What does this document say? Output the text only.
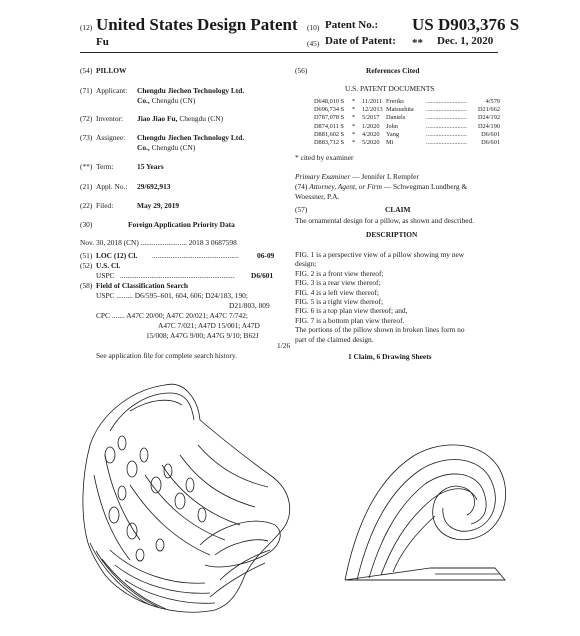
(12) United States Design Patent (10) Patent No.: US D903,376 S
Fu	(45) Date of Patent: ** Dec. 1, 2020
(54) PILLOW
(71) Applicant: Chengdu Jiechen Technology Ltd.
Co., Chengdu (CN)
(72) Inventor: Jiao Jiao Fu, Chengdu (CN)
(73) Assignee: Chengdu Jiechen Technology Ltd.
Co., Chengdu (CN)
(**) Term:	15 Years
(21) Appl. No.: 29/692,913
(22) Filed:	May 29, 2019
(30)	Foreign Application Priority Data
Nov. 30, 2018 (CN) ......................... 2018 3 0687598
(51) LOC (12) Cl. ............................................... 06-09
(52) U.S. Cl.
USPC .............................................................. D6/601
(58) Field of Classification Search
USPC ......... D6/595–601, 604, 606; D24/183, 190;
D21/803, 809
CPC ....... A47C 20/00; A47C 20/021; A47C 7/742;
A47C 7/021; A47D 15/001; A47D
15/008; A47G 9/00; A47G 9/10; B62J
1/26
See application file for complete search history.
(56)	References Cited
U.S. PATENT DOCUMENTS
D648,010 S	*	11/2011 Freriks	..........................	4/579
D696,734 S	*	12/2013 Matsushita	..........................	D21/662
D787,078 S	*	5/2017	Daniels	..........................	D24/192
D874,011 S	*	1/2020	John	..........................	D24/190
D881,602 S	*	4/2020	Yang	..........................	D6/601
D883,712 S	*	5/2020	Mi	..........................	D6/601
* cited by examiner
Primary Examiner — Jennifer L Rempfer
(74) Attorney, Agent, or Firm — Schwegman Lundberg &
Woessner, P.A.
(57)	CLAIM
The ornamental design for a pillow, as shown and described.
DESCRIPTION
FIG. 1 is a perspective view of a pillow showing my new
design;
FIG. 2 is a front view thereof;
FIG. 3 is a rear view thereof;
FIG. 4 is a left view thereof;
FIG. 5 is a right view thereof;
FIG. 6 is a top plan view thereof; and,
FIG. 7 is a bottom plan view thereof.
The portions of the pillow shown in broken lines form no
part of the claimed design.
1 Claim, 6 Drawing Sheets
